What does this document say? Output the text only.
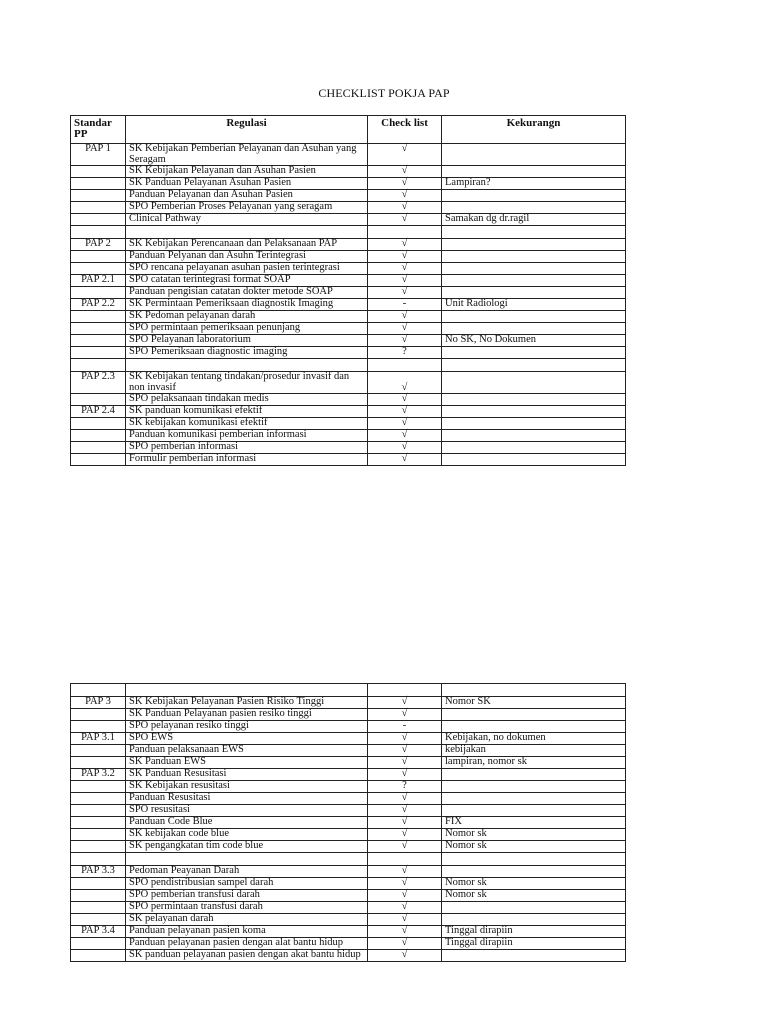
CHECKLIST POKJA PAP
Standar PP	Regulasi	Check list	Kekurangn
PAP 1	SK Kebijakan Pemberian Pelayanan dan Asuhan yang Seragam	√	
	SK Kebijakan Pelayanan dan Asuhan Pasien	√	
	SK Panduan Pelayanan Asuhan Pasien	√	Lampiran?
	Panduan Pelayanan dan Asuhan Pasien	√	
	SPO Pemberian Proses Pelayanan yang seragam	√	
	Clinical Pathway	√	Samakan dg dr.ragil

PAP 2	SK Kebijakan Perencanaan dan Pelaksanaan PAP	√	
	Panduan Pelyanan dan Asuhn Terintegrasi	√	
	SPO rencana pelayanan asuhan pasien terintegrasi	√	
PAP 2.1	SPO catatan terintegrasi format SOAP	√	
	Panduan pengisian catatan dokter metode SOAP	√	
PAP 2.2	SK Permintaan Pemeriksaan diagnostik Imaging	-	Unit Radiologi
	SK Pedoman pelayanan darah	√	
	SPO permintaan pemeriksaan penunjang	√	
	SPO Pelayanan laboratorium	√	No SK, No Dokumen
	SPO Pemeriksaan diagnostic imaging	?	

PAP 2.3	SK Kebijakan tentang tindakan/prosedur invasif dan non invasif	√	
	SPO pelaksanaan tindakan medis	√	
PAP 2.4	SK panduan komunikasi efektif	√	
	SK kebijakan komunikasi efektif	√	
	Panduan komunikasi pemberian informasi	√	
	SPO pemberian informasi	√	
	Formulir pemberian informasi	√	

PAP 3	SK Kebijakan Pelayanan Pasien Risiko Tinggi	√	Nomor SK
	SK Panduan Pelayanan pasien resiko tinggi	√	
	SPO pelayanan resiko tinggi	-	
PAP 3.1	SPO EWS	√	Kebijakan, no dokumen
	Panduan pelaksanaan EWS	√	kebijakan
	SK Panduan EWS	√	lampiran, nomor sk
PAP 3.2	SK Panduan Resusitasi	√	
	SK Kebijakan resusitasi	?	
	Panduan Resusitasi	√	
	SPO resusitasi	√	
	Panduan Code Blue	√	FIX
	SK kebijakan code blue	√	Nomor sk
	SK pengangkatan tim code blue	√	Nomor sk

PAP 3.3	Pedoman Peayanan Darah	√	
	SPO pendistribusian sampel darah	√	Nomor sk
	SPO pemberian transfusi darah	√	Nomor sk
	SPO permintaan transfusi darah	√	
	SK pelayanan darah	√	
PAP 3.4	Panduan pelayanan pasien koma	√	Tinggal dirapiin
	Panduan pelayanan pasien dengan alat bantu hidup	√	Tinggal dirapiin
	SK panduan pelayanan pasien dengan akat bantu hidup	√	
